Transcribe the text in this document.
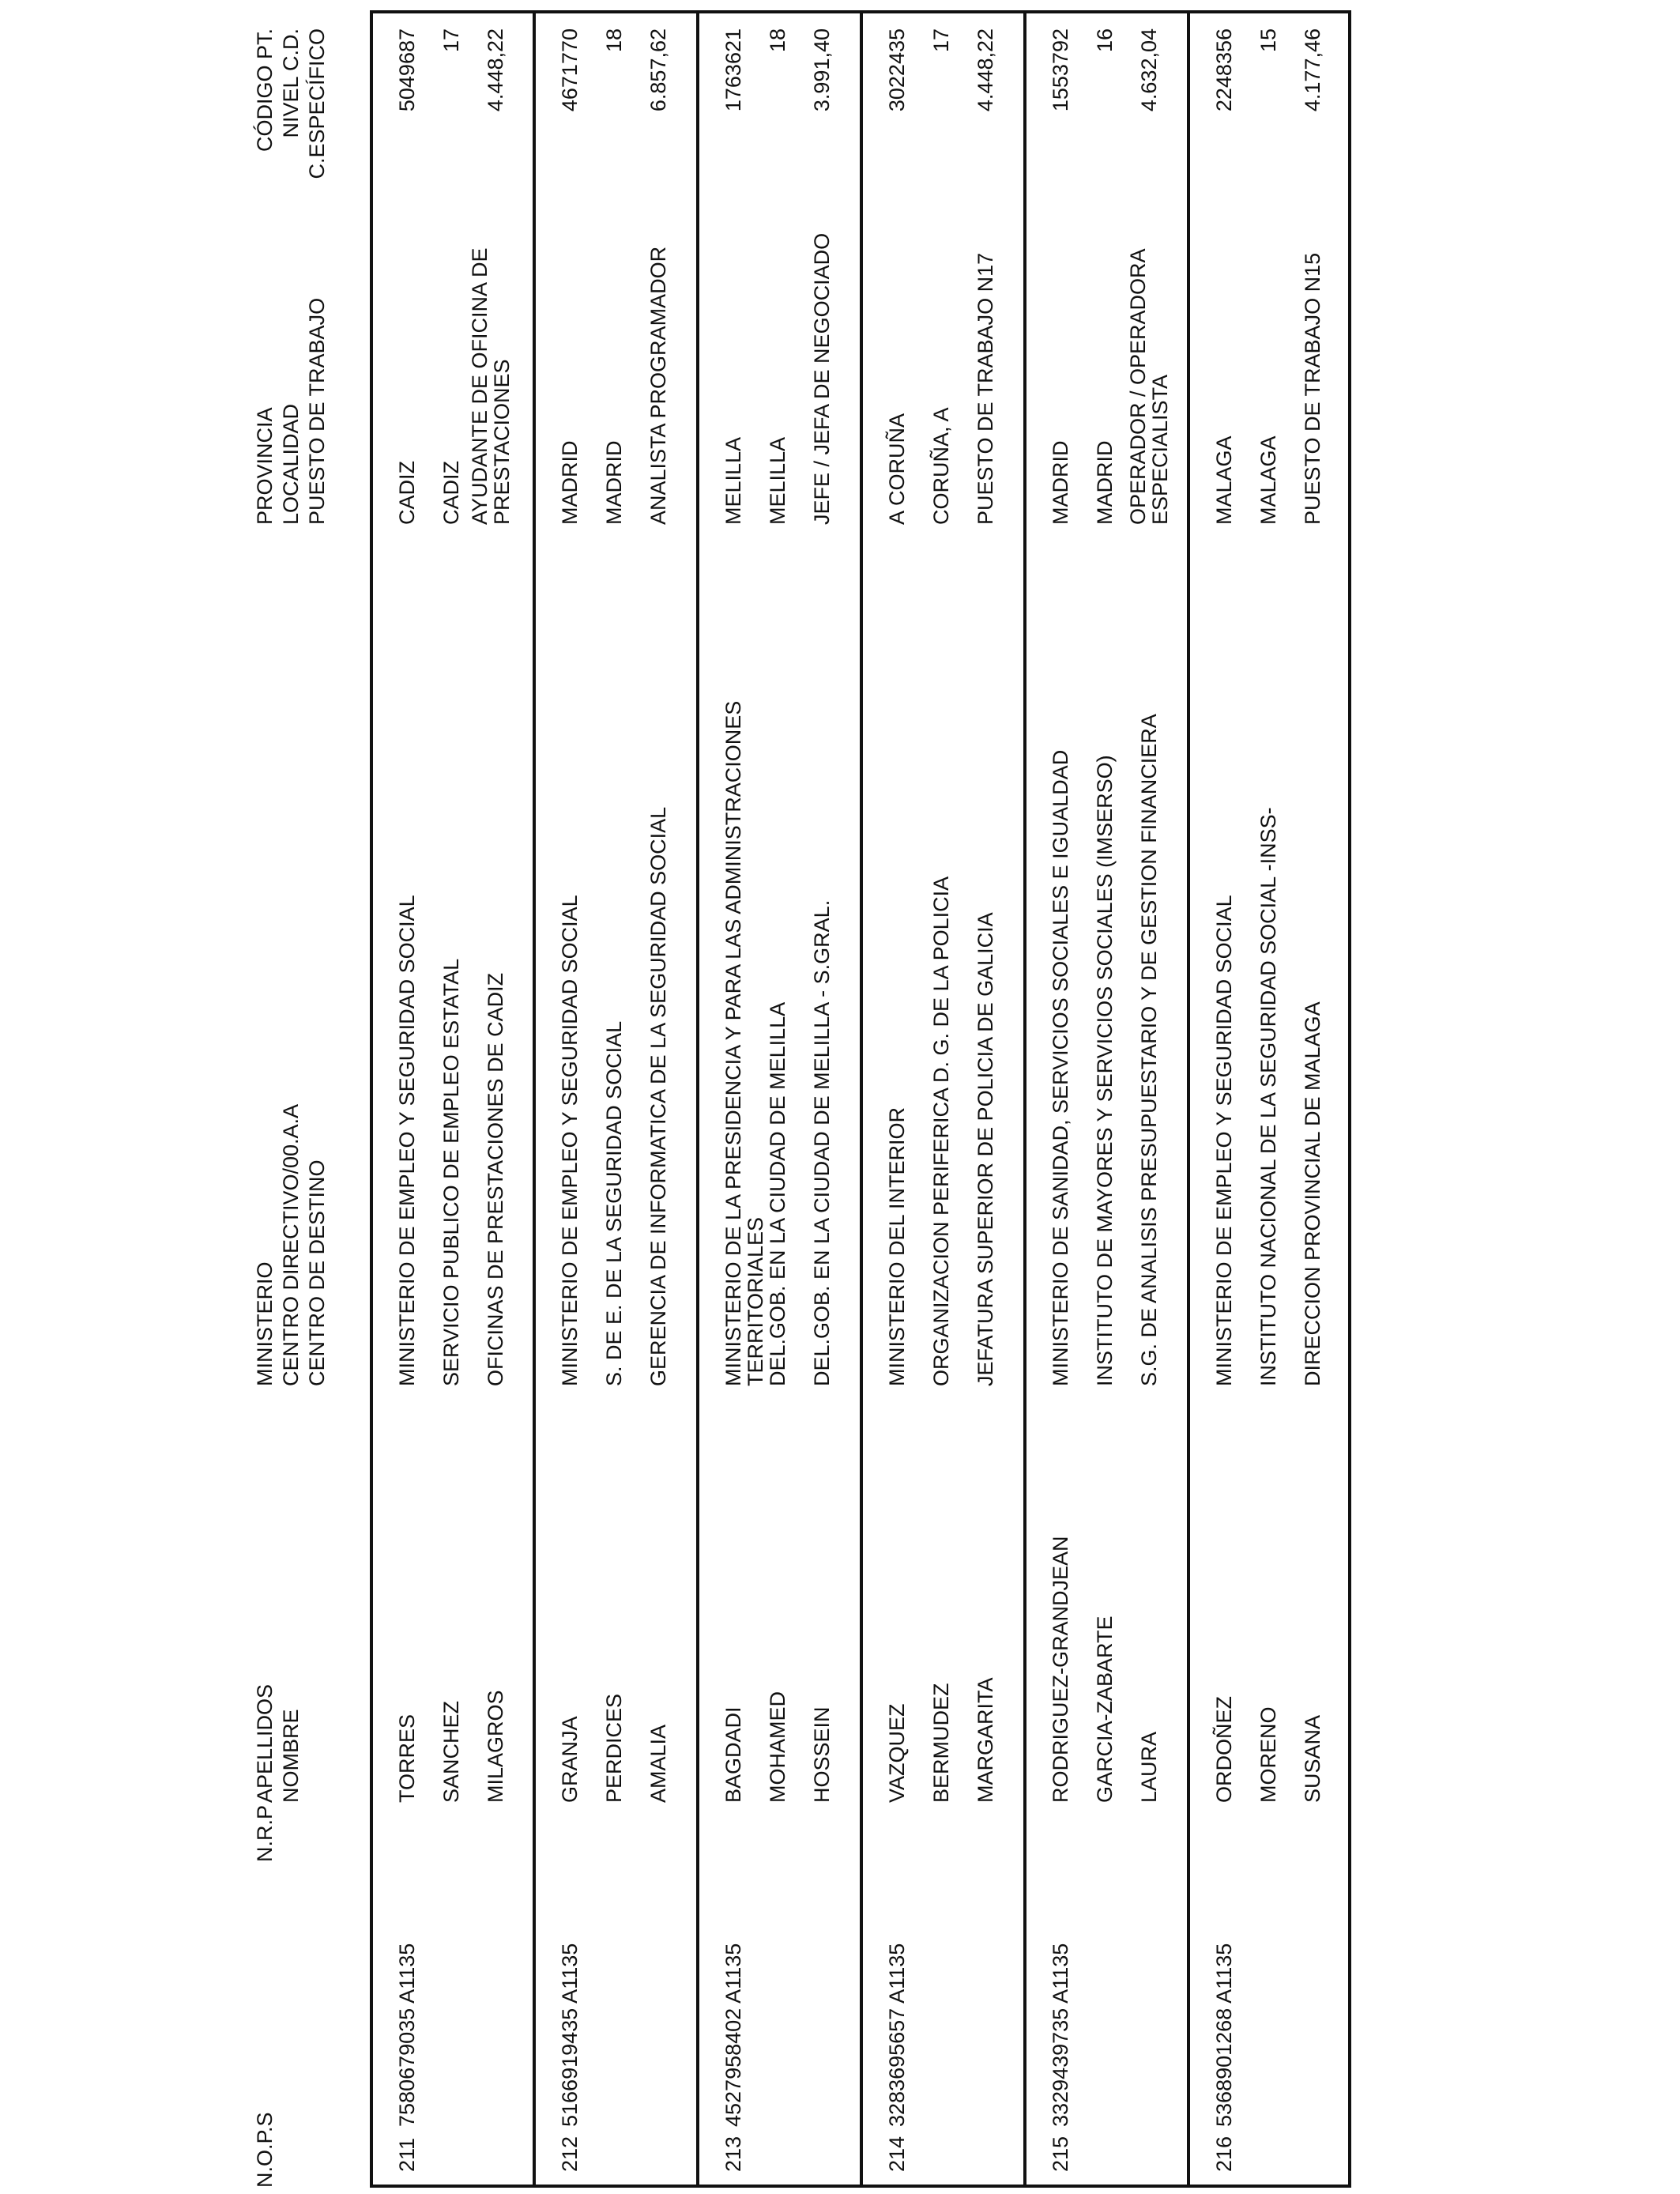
N.O.P.S
N.R.P
APELLIDOS NOMBRE
MINISTERIO CENTRO DIRECTIVO/00.A.A CENTRO DE DESTINO
PROVINCIA LOCALIDAD PUESTO DE TRABAJO
CÓDIGO PT. NIVEL C.D. C.ESPECÍFICO
211
7580679035 A1135
TORRES SANCHEZ MILAGROS
MINISTERIO DE EMPLEO Y SEGURIDAD SOCIAL SERVICIO PUBLICO DE EMPLEO ESTATAL OFICINAS DE PRESTACIONES DE CADIZ
CADIZ CADIZ AYUDANTE DE OFICINA DE
PRESTACIONES
5049687 17 4.448,22
212
5166919435 A1135
GRANJA PERDICES AMALIA
MINISTERIO DE EMPLEO Y SEGURIDAD SOCIAL S. DE E. DE LA SEGURIDAD SOCIAL GERENCIA DE INFORMATICA DE LA SEGURIDAD SOCIAL
MADRID MADRID ANALISTA PROGRAMADOR
4671770 18 6.857,62
213
4527958402 A1135
BAGDADI MOHAMED HOSSEIN
MINISTERIO DE LA PRESIDENCIA Y PARA LAS ADMINISTRACIONES
TERRITORIALES
DEL.GOB. EN LA CIUDAD DE MELILLA DEL.GOB. EN LA CIUDAD DE MELILLA - S.GRAL.
MELILLA MELILLA JEFE / JEFA DE NEGOCIADO
1763621 18 3.991,40
214
3283695657 A1135
VAZQUEZ BERMUDEZ MARGARITA
MINISTERIO DEL INTERIOR ORGANIZACION PERIFERICA D. G. DE LA POLICIA JEFATURA SUPERIOR DE POLICIA DE GALICIA
A CORUÑA CORUÑA, A PUESTO DE TRABAJO N17
3022435 17 4.448,22
215
3329439735 A1135
RODRIGUEZ-GRANDJEAN GARCIA-ZABARTE LAURA
MINISTERIO DE SANIDAD, SERVICIOS SOCIALES E IGUALDAD INSTITUTO DE MAYORES Y SERVICIOS SOCIALES (IMSERSO) S.G. DE ANALISIS PRESUPUESTARIO Y DE GESTION FINANCIERA
MADRID MADRID OPERADOR / OPERADORA
ESPECIALISTA
1553792 16 4.632,04
216
5368901268 A1135
ORDOÑEZ MORENO SUSANA
MINISTERIO DE EMPLEO Y SEGURIDAD SOCIAL INSTITUTO NACIONAL DE LA SEGURIDAD SOCIAL -INSS- DIRECCION PROVINCIAL DE MALAGA
MALAGA MALAGA PUESTO DE TRABAJO N15
2248356 15 4.177,46
